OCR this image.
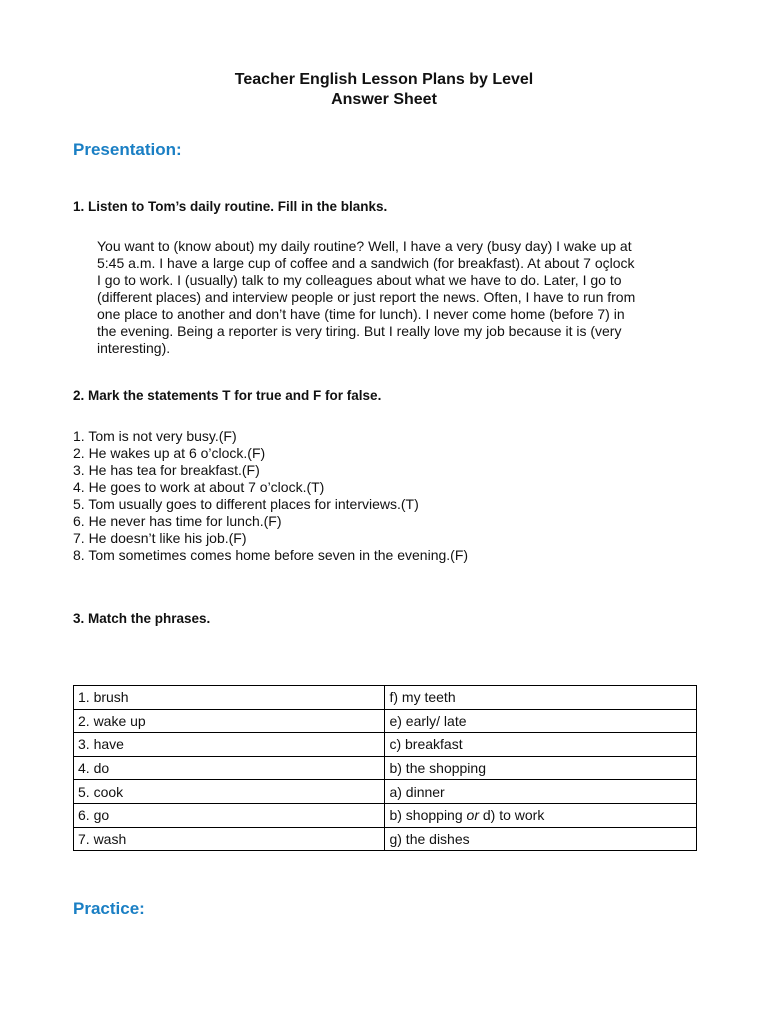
Teacher English Lesson Plans by Level
Answer Sheet
Presentation:
1. Listen to Tom’s daily routine. Fill in the blanks.

You want to (know about) my daily routine? Well, I have a very (busy day) I wake up at

5:45 a.m. I have a large cup of coffee and a sandwich (for breakfast). At about 7 oçlock

I go to work. I (usually) talk to my colleagues about what we have to do. Later, I go to

(different places) and interview people or just report the news. Often, I have to run from

one place to another and don’t have (time for lunch). I never come home (before 7) in

the evening. Being a reporter is very tiring. But I really love my job because it is (very

interesting).

2. Mark the statements T for true and F for false.
1. Tom is not very busy.(F)
2. He wakes up at 6 o’clock.(F)
3. He has tea for breakfast.(F)
4. He goes to work at about 7 o’clock.(T)
5. Tom usually goes to different places for interviews.(T)
6. He never has time for lunch.(F)
7. He doesn’t like his job.(F)
8. Tom sometimes comes home before seven in the evening.(F)
3. Match the phrases.
1. brush	f) my teeth
2. wake up	e) early/ late
3. have	c) breakfast
4. do	b) the shopping
5. cook	a) dinner
6. go	b) shopping or d) to work
7. wash	g) the dishes
Practice:
